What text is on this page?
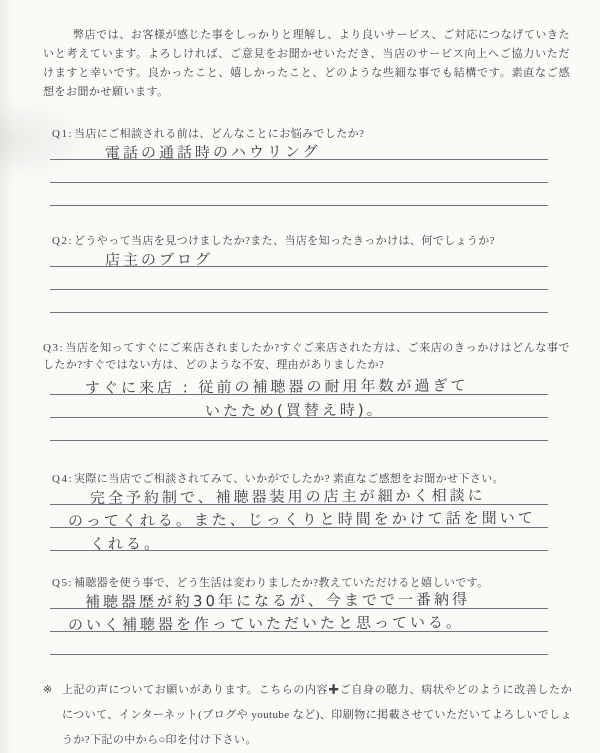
弊店では、お客様が感じた事をしっかりと理解し、より良いサービス、ご対応につなげていきたいと考えています。よろしければ、ご意見をお聞かせいただき、当店のサービス向上へご協力いただけますと幸いです。良かったこと、嬉しかったこと、どのような些細な事でも結構です。素直なご感想をお聞かせ願います。

Q1:当店にご相談される前は、どんなことにお悩みでしたか?

電話の通話時のハウリング

Q2:どうやって当店を見つけましたか?また、当店を知ったきっかけは、何でしょうか?

店主のブログ

Q3:当店を知ってすぐにご来店されましたか?すぐご来店された方は、ご来店のきっかけはどんな事でしたか?すぐではない方は、どのような不安、理由がありましたか?

すぐに来店 : 従前の補聴器の耐用年数が過ぎて
いたため(買替え時)。

Q4:実際に当店でご相談されてみて、いかがでしたか? 素直なご感想をお聞かせ下さい。

完全予約制で、補聴器装用の店主が細かく相談に
のってくれる。また、じっくりと時間をかけて話を聞いて
くれる。

Q5:補聴器を使う事で、どう生活は変わりましたか?教えていただけると嬉しいです。

補聴器歴が約30年になるが、今までで一番納得
のいく補聴器を作っていただいたと思っている。

※ 上記の声についてお願いがあります。こちらの内容✚ご自身の聴力、病状やどのように改善したかについて、インターネット(ブログや youtube など)、印刷物に掲載させていただいてよろしいでしょうか?下記の中から○印を付け下さい。
